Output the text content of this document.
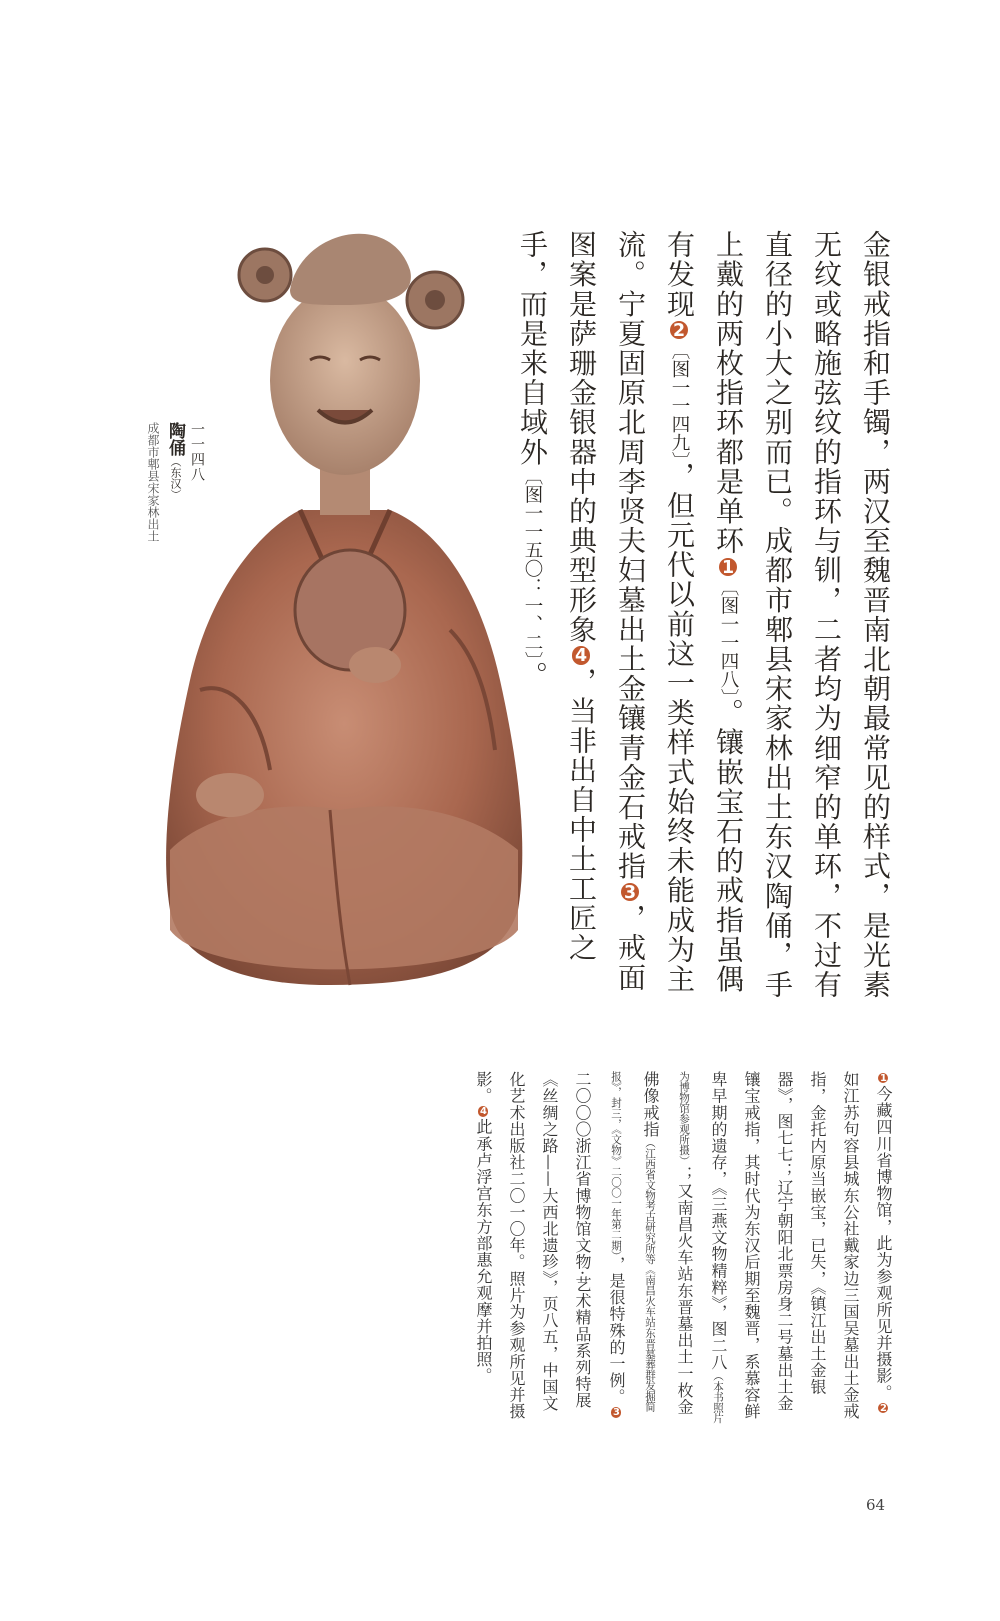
一一四八
陶俑（东汉）
成都市郫县宋家林出土	金银戒指和手镯，两汉至魏晋南北朝最常见的样式，是光素无纹或略施弦纹的指环与钏，二者均为细窄的单环，不过有直径的小大之别而已。成都市郫县宋家林出土东汉陶俑，手上戴的两枚指环都是单环1〔图一一四八〕。镶嵌宝石的戒指虽偶有发现2〔图一一四九〕，但元代以前这一类样式始终未能成为主流。宁夏固原北周李贤夫妇墓出土金镶青金石戒指3，戒面图案是萨珊金银器中的典型形象4，当非出自中土工匠之手，而是来自域外〔图一一五〇：一、二〕。
1今藏四川省博物馆，此为参观所见并摄影。2如江苏句容县城东公社戴家边三国吴墓出土金戒指，金托内原当嵌宝，已失，《镇江出土金银器》，图七七；辽宁朝阳北票房身二号墓出土金镶宝戒指，其时代为东汉后期至魏晋，系慕容鲜卑早期的遗存，《三燕文物精粹》，图二八（本书照片为博物馆参观所摄）；又南昌火车站东晋墓出土一枚金佛像戒指（江西省文物考古研究所等《南昌火车站东晋墓葬群发掘简报》，封三，《文物》二〇〇一年第二期），是很特殊的一例。3二〇〇〇浙江省博物馆文物·艺术精品系列特展《丝绸之路——大西北遗珍》，页八五，中国文化艺术出版社二〇一〇年。照片为参观所见并摄影。4此承卢浮宫东方部惠允观摩并拍照。
64
